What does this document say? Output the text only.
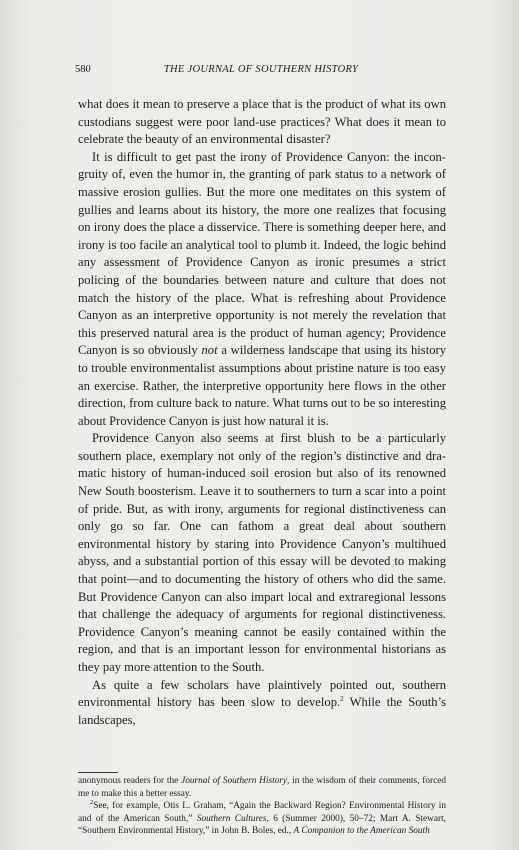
580	THE JOURNAL OF SOUTHERN HISTORY

what does it mean to preserve a place that is the product of what its own custodians suggest were poor land-use practices? What does it mean to celebrate the beauty of an environmental disaster?

It is difficult to get past the irony of Providence Canyon: the incongruity of, even the humor in, the granting of park status to a network of massive erosion gullies. But the more one meditates on this system of gullies and learns about its history, the more one realizes that focusing on irony does the place a disservice. There is something deeper here, and irony is too facile an analytical tool to plumb it. Indeed, the logic behind any assessment of Providence Canyon as ironic presumes a strict policing of the boundaries between nature and culture that does not match the history of the place. What is refreshing about Providence Canyon as an interpretive opportunity is not merely the revelation that this preserved natural area is the product of human agency; Providence Canyon is so obviously not a wilderness landscape that using its history to trouble environmentalist assumptions about pristine nature is too easy an exercise. Rather, the interpretive opportunity here flows in the other direction, from culture back to nature. What turns out to be so interesting about Providence Canyon is just how natural it is.

Providence Canyon also seems at first blush to be a particularly southern place, exemplary not only of the region’s distinctive and dramatic history of human-induced soil erosion but also of its renowned New South boosterism. Leave it to southerners to turn a scar into a point of pride. But, as with irony, arguments for regional distinctiveness can only go so far. One can fathom a great deal about southern environmental history by staring into Providence Canyon’s multihued abyss, and a substantial portion of this essay will be devoted to making that point—and to documenting the history of others who did the same. But Providence Canyon can also impart local and extraregional lessons that challenge the adequacy of arguments for regional distinctiveness. Providence Canyon’s meaning cannot be easily contained within the region, and that is an important lesson for environmental historians as they pay more attention to the South.

As quite a few scholars have plaintively pointed out, southern environmental history has been slow to develop.$^2$ While the South’s landscapes,

anonymous readers for the Journal of Southern History, in the wisdom of their comments, forced me to make this a better essay.

$^2$See, for example, Otis L. Graham, “Again the Backward Region? Environmental History in and of the American South,” Southern Cultures, 6 (Summer 2000), 50–72; Mart A. Stewart, “Southern Environmental History,” in John B. Boles, ed., A Companion to the American South
